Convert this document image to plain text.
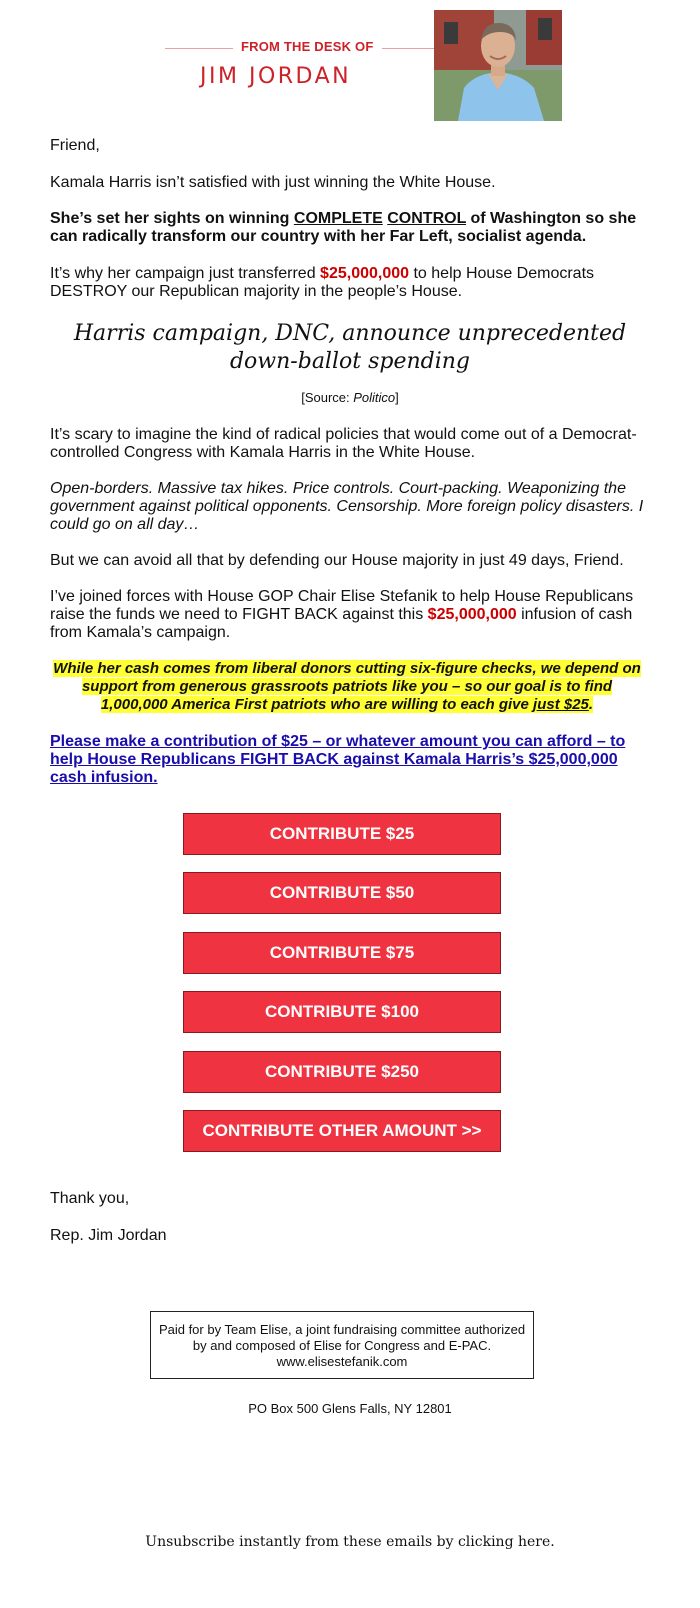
FROM THE DESK OF
JIM JORDAN

Friend,

Kamala Harris isn’t satisfied with just winning the White House.

She’s set her sights on winning COMPLETE CONTROL of Washington so she can radically transform our country with her Far Left, socialist agenda.

It’s why her campaign just transferred $25,000,000 to help House Democrats DESTROY our Republican majority in the people’s House.

Harris campaign, DNC, announce unprecedented down-ballot spending
[Source: Politico]

It’s scary to imagine the kind of radical policies that would come out of a Democrat-controlled Congress with Kamala Harris in the White House.

Open-borders. Massive tax hikes. Price controls. Court-packing. Weaponizing the government against political opponents. Censorship. More foreign policy disasters. I could go on all day…

But we can avoid all that by defending our House majority in just 49 days, Friend.

I’ve joined forces with House GOP Chair Elise Stefanik to help House Republicans raise the funds we need to FIGHT BACK against this $25,000,000 infusion of cash from Kamala’s campaign.

While her cash comes from liberal donors cutting six-figure checks, we depend on support from generous grassroots patriots like you – so our goal is to find 1,000,000 America First patriots who are willing to each give just $25.
Please make a contribution of $25 – or whatever amount you can afford – to help House Republicans FIGHT BACK against Kamala Harris’s $25,000,000 cash infusion.
CONTRIBUTE $25
CONTRIBUTE $50
CONTRIBUTE $75
CONTRIBUTE $100
CONTRIBUTE $250
CONTRIBUTE OTHER AMOUNT >>

Thank you,

Rep. Jim Jordan

Paid for by Team Elise, a joint fundraising committee authorized by and composed of Elise for Congress and E-PAC. www.elisestefanik.com
PO Box 500 Glens Falls, NY 12801
Unsubscribe instantly from these emails by clicking here.
